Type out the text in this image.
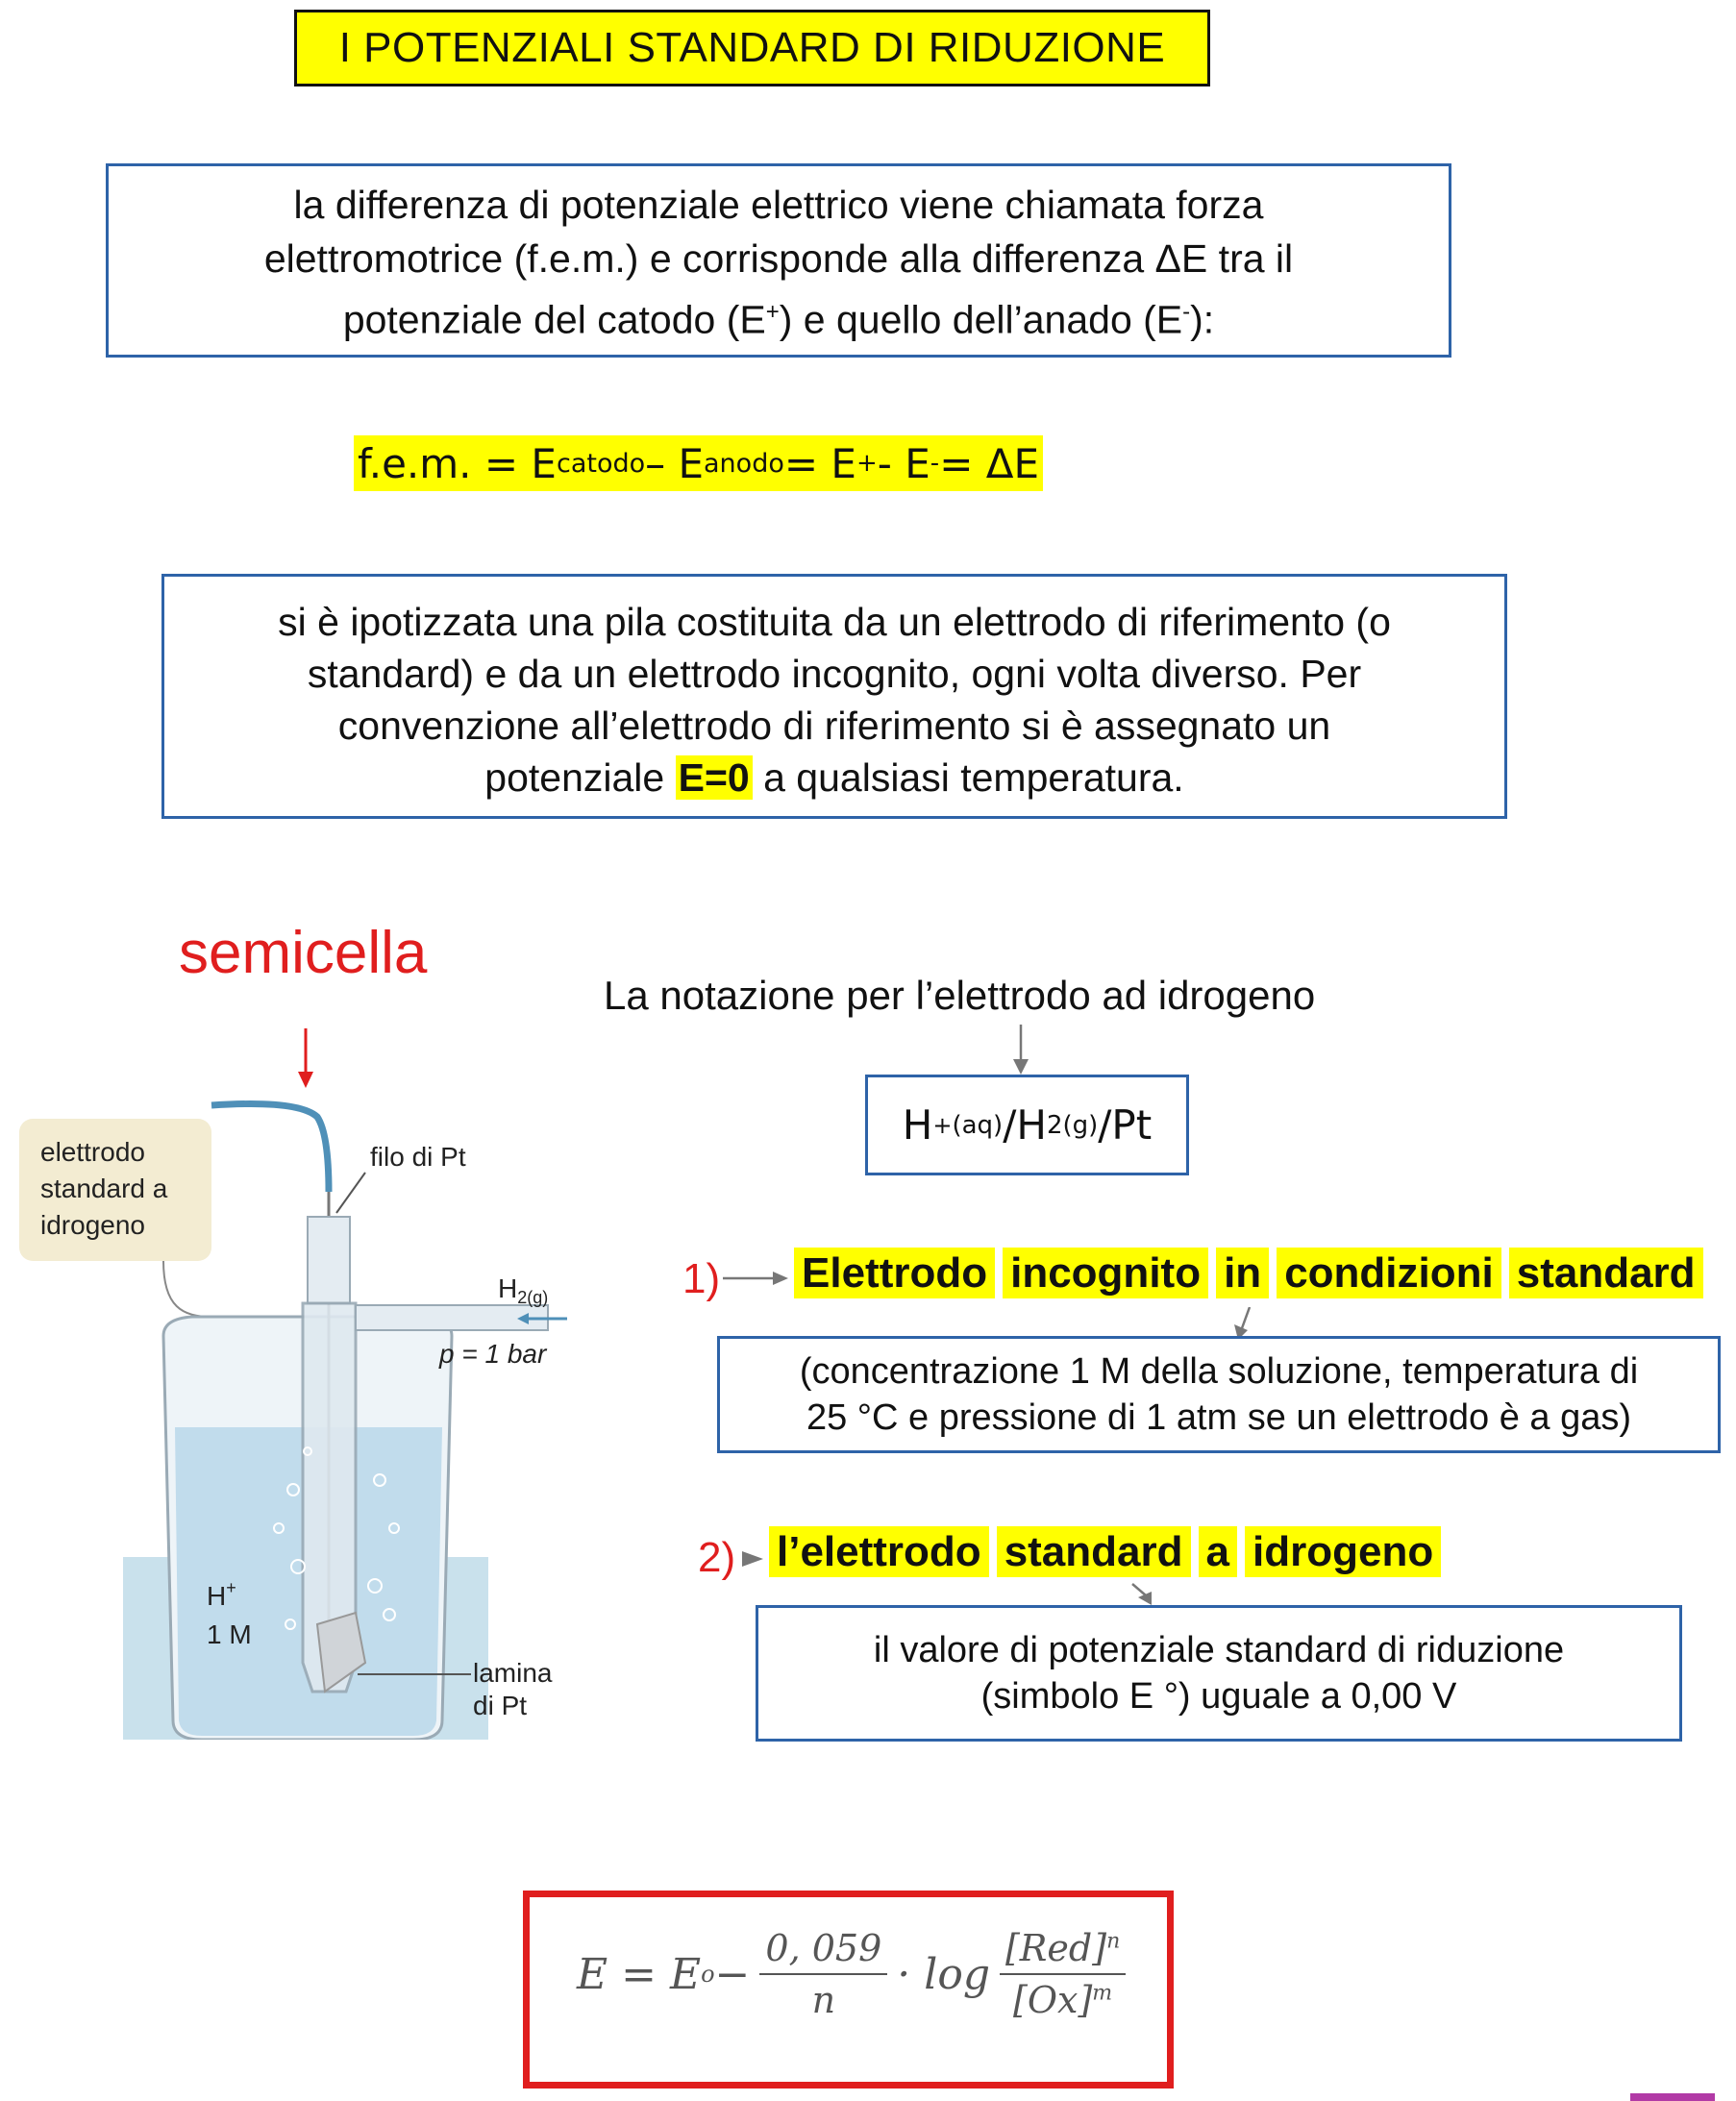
I POTENZIALI STANDARD DI RIDUZIONE

la differenza di potenziale elettrico viene chiamata forza

elettromotrice (f.e.m.) e corrisponde alla differenza ΔE tra il

potenziale del catodo (E+) e quello dell’anado (E-):

f.e.m. = E catodo – E anodo = E + - E - = ΔE

si è ipotizzata una pila costituita da un elettrodo di riferimento (o

standard) e da un elettrodo incognito, ogni volta diverso. Per

convenzione all’elettrodo di riferimento si è assegnato un

potenziale E=0 a qualsiasi temperatura.

semicella
elettrodo
standard a
idrogeno
filo di Pt
$H_{2(g)}$
p = 1 bar
H+
1 M
lamina
di Pt
La notazione per l’elettrodo ad idrogeno
H + (aq) /H 2(g) /Pt
1) Elettrodo incognito in condizioni standard

(concentrazione 1 M della soluzione, temperatura di

25 °C e pressione di 1 atm se un elettrodo è a gas)

2) l’elettrodo standard a idrogeno

il valore di potenziale standard di riduzione

(simbolo E °) uguale a 0,00 V

E = E $o - \frac{0, 059}{n} \cdot \log \frac{[Red]^n}{[Ox]^m}$
